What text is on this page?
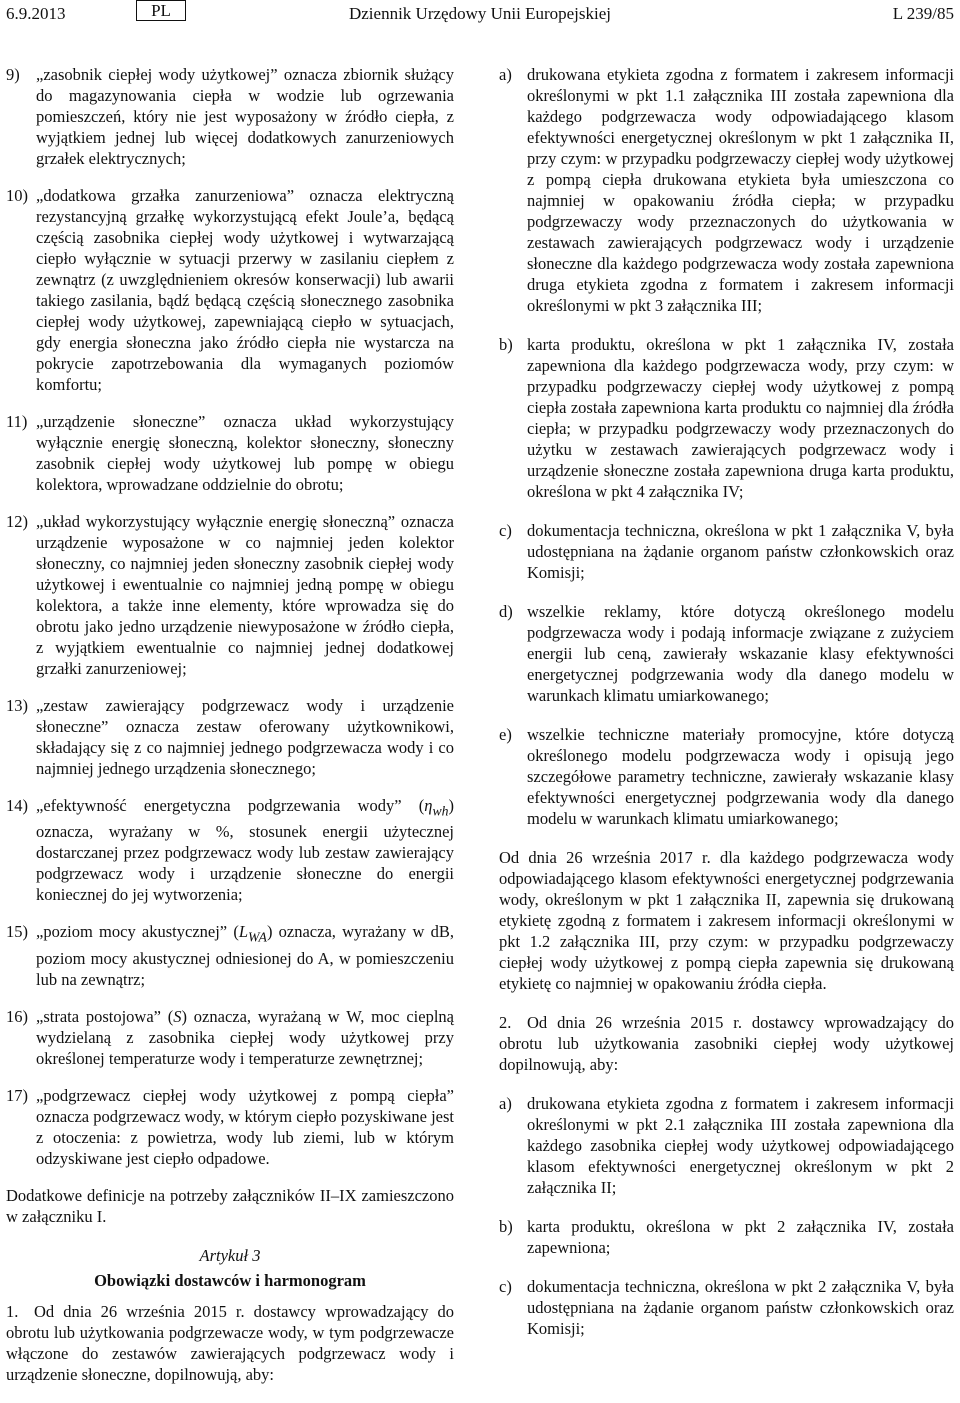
6.9.2013	PL	Dziennik Urzędowy Unii Europejskiej	L 239/85
9) „zasobnik ciepłej wody użytkowej” oznacza zbiornik służący do magazynowania ciepła w wodzie lub ogrzewania pomieszczeń, który nie jest wyposażony w źródło ciepła, z wyjątkiem jednej lub więcej dodatkowych zanurzeniowych grzałek elektrycznych;
10) „dodatkowa grzałka zanurzeniowa” oznacza elektryczną rezystancyjną grzałkę wykorzystującą efekt Joule’a, będącą częścią zasobnika ciepłej wody użytkowej i wytwarzającą ciepło wyłącznie w sytuacji przerwy w zasilaniu ciepłem z zewnątrz (z uwzględnieniem okresów konserwacji) lub awarii takiego zasilania, bądź będącą częścią słonecznego zasobnika ciepłej wody użytkowej, zapewniającą ciepło w sytuacjach, gdy energia słoneczna jako źródło ciepła nie wystarcza na pokrycie zapotrzebowania dla wymaganych poziomów komfortu;
11) „urządzenie słoneczne” oznacza układ wykorzystujący wyłącznie energię słoneczną, kolektor słoneczny, słoneczny zasobnik ciepłej wody użytkowej lub pompę w obiegu kolektora, wprowadzane oddzielnie do obrotu;
12) „układ wykorzystujący wyłącznie energię słoneczną” oznacza urządzenie wyposażone w co najmniej jeden kolektor słoneczny, co najmniej jeden słoneczny zasobnik ciepłej wody użytkowej i ewentualnie co najmniej jedną pompę w obiegu kolektora, a także inne elementy, które wprowadza się do obrotu jako jedno urządzenie niewyposażone w źródło ciepła, z wyjątkiem ewentualnie co najmniej jednej dodatkowej grzałki zanurzeniowej;
13) „zestaw zawierający podgrzewacz wody i urządzenie słoneczne” oznacza zestaw oferowany użytkownikowi, składający się z co najmniej jednego podgrzewacza wody i co najmniej jednego urządzenia słonecznego;
14) „efektywność energetyczna podgrzewania wody” $(\eta_{wh})$ oznacza, wyrażany w %, stosunek energii użytecznej dostarczanej przez podgrzewacz wody lub zestaw zawierający podgrzewacz wody i urządzenie słoneczne do energii koniecznej do jej wytworzenia;
15) „poziom mocy akustycznej” $(L_{WA})$ oznacza, wyrażany w dB, poziom mocy akustycznej odniesionej do A, w pomieszczeniu lub na zewnątrz;
16) „strata postojowa” (S) oznacza, wyrażaną w W, moc cieplną wydzielaną z zasobnika ciepłej wody użytkowej przy określonej temperaturze wody i temperaturze zewnętrznej;
17) „podgrzewacz ciepłej wody użytkowej z pompą ciepła” oznacza podgrzewacz wody, w którym ciepło pozyskiwane jest z otoczenia: z powietrza, wody lub ziemi, lub w którym odzyskiwane jest ciepło odpadowe.

Dodatkowe definicje na potrzeby załączników II–IX zamieszczono w załączniku I.

Artykuł 3
Obowiązki dostawców i harmonogram

1. Od dnia 26 września 2015 r. dostawcy wprowadzający do obrotu lub użytkowania podgrzewacze wody, w tym podgrzewacze włączone do zestawów zawierających podgrzewacz wody i urządzenie słoneczne, dopilnowują, aby:

a) drukowana etykieta zgodna z formatem i zakresem informacji określonymi w pkt 1.1 załącznika III została zapewniona dla każdego podgrzewacza wody odpowiadającego klasom efektywności energetycznej określonym w pkt 1 załącznika II, przy czym: w przypadku podgrzewaczy ciepłej wody użytkowej z pompą ciepła drukowana etykieta była umieszczona co najmniej w opakowaniu źródła ciepła; w przypadku podgrzewaczy wody przeznaczonych do użytkowania w zestawach zawierających podgrzewacz wody i urządzenie słoneczne dla każdego podgrzewacza wody została zapewniona druga etykieta zgodna z formatem i zakresem informacji określonymi w pkt 3 załącznika III;
b) karta produktu, określona w pkt 1 załącznika IV, została zapewniona dla każdego podgrzewacza wody, przy czym: w przypadku podgrzewaczy ciepłej wody użytkowej z pompą ciepła została zapewniona karta produktu co najmniej dla źródła ciepła; w przypadku podgrzewaczy wody przeznaczonych do użytku w zestawach zawierających podgrzewacz wody i urządzenie słoneczne została zapewniona druga karta produktu, określona w pkt 4 załącznika IV;
c) dokumentacja techniczna, określona w pkt 1 załącznika V, była udostępniana na żądanie organom państw członkowskich oraz Komisji;
d) wszelkie reklamy, które dotyczą określonego modelu podgrzewacza wody i podają informacje związane z zużyciem energii lub ceną, zawierały wskazanie klasy efektywności energetycznej podgrzewania wody dla danego modelu w warunkach klimatu umiarkowanego;
e) wszelkie techniczne materiały promocyjne, które dotyczą określonego modelu podgrzewacza wody i opisują jego szczegółowe parametry techniczne, zawierały wskazanie klasy efektywności energetycznej podgrzewania wody dla danego modelu w warunkach klimatu umiarkowanego;

Od dnia 26 września 2017 r. dla każdego podgrzewacza wody odpowiadającego klasom efektywności energetycznej podgrzewania wody, określonym w pkt 1 załącznika II, zapewnia się drukowaną etykietę zgodną z formatem i zakresem informacji określonymi w pkt 1.2 załącznika III, przy czym: w przypadku podgrzewaczy ciepłej wody użytkowej z pompą ciepła zapewnia się drukowaną etykietę co najmniej w opakowaniu źródła ciepła.

2. Od dnia 26 września 2015 r. dostawcy wprowadzający do obrotu lub użytkowania zasobniki ciepłej wody użytkowej dopilnowują, aby:

a) drukowana etykieta zgodna z formatem i zakresem informacji określonymi w pkt 2.1 załącznika III została zapewniona dla każdego zasobnika ciepłej wody użytkowej odpowiadającego klasom efektywności energetycznej określonym w pkt 2 załącznika II;
b) karta produktu, określona w pkt 2 załącznika IV, została zapewniona;
c) dokumentacja techniczna, określona w pkt 2 załącznika V, była udostępniana na żądanie organom państw członkowskich oraz Komisji;
